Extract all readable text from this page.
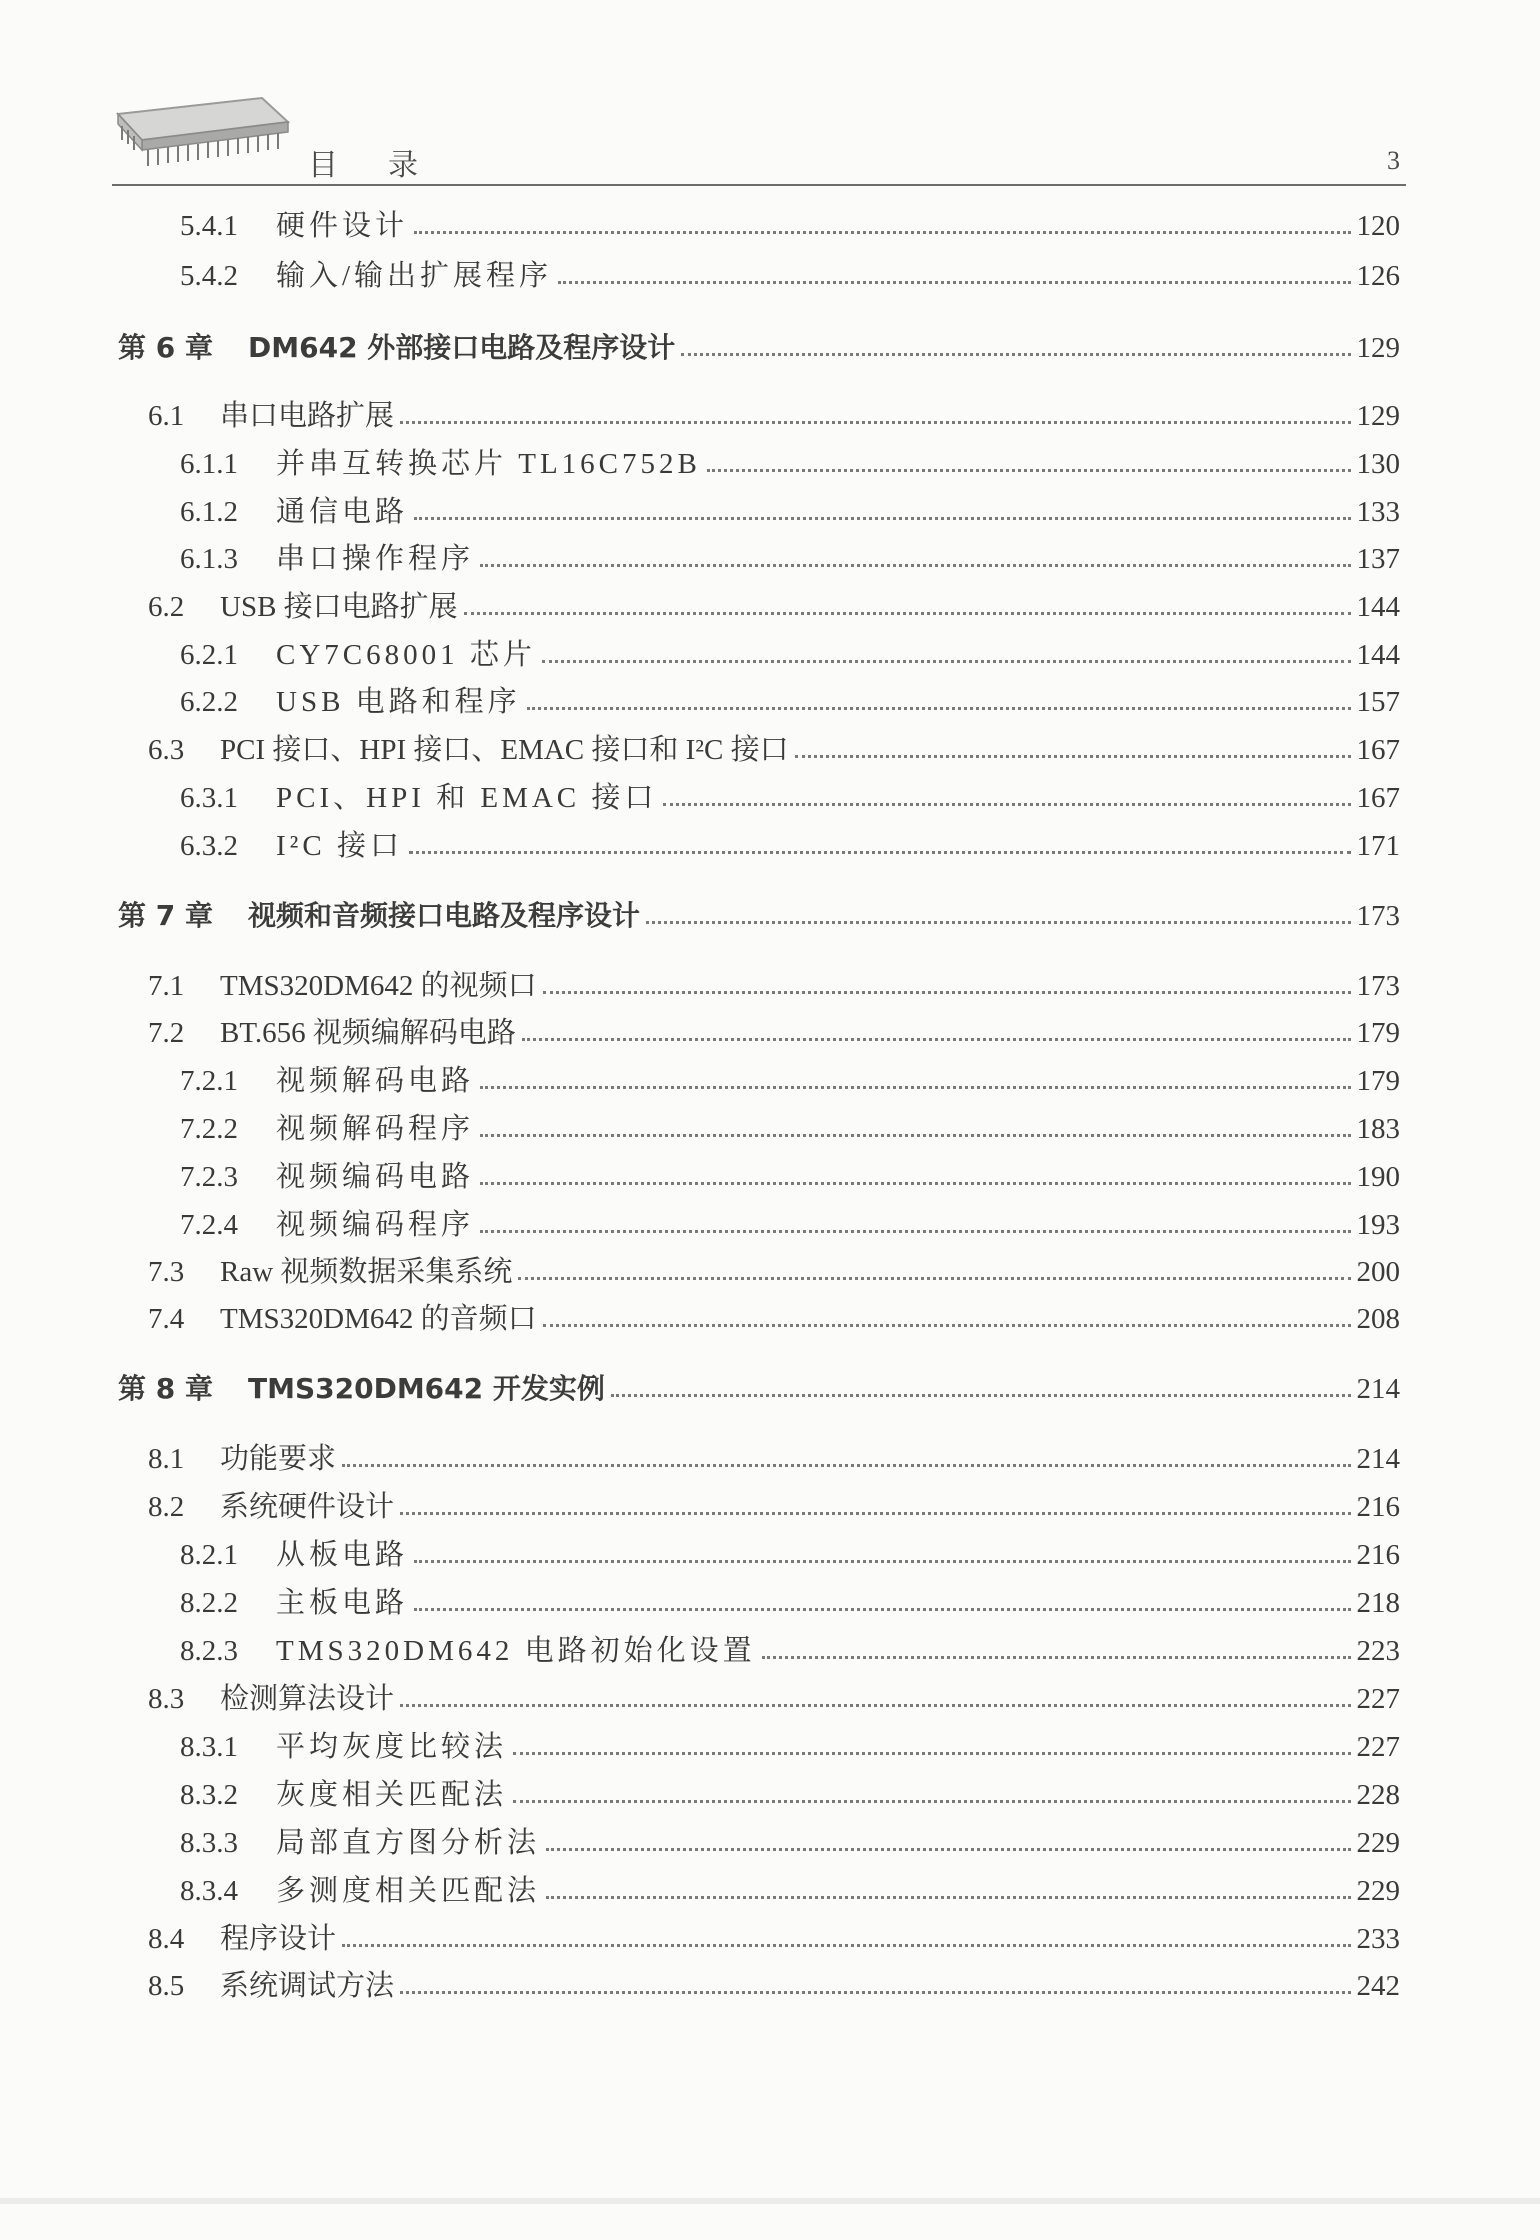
目录	3
5.4.1	硬件设计	120
5.4.2	输入/输出扩展程序	126
第 6 章	DM642 外部接口电路及程序设计	129
6.1	串口电路扩展	129
6.1.1	并串互转换芯片 TL16C752B	130
6.1.2	通信电路	133
6.1.3	串口操作程序	137
6.2	USB 接口电路扩展	144
6.2.1	CY7C68001 芯片	144
6.2.2	USB 电路和程序	157
6.3	PCI 接口、HPI 接口、EMAC 接口和 I²C 接口	167
6.3.1	PCI、HPI 和 EMAC 接口	167
6.3.2	I²C 接口	171
第 7 章	视频和音频接口电路及程序设计	173
7.1	TMS320DM642 的视频口	173
7.2	BT.656 视频编解码电路	179
7.2.1	视频解码电路	179
7.2.2	视频解码程序	183
7.2.3	视频编码电路	190
7.2.4	视频编码程序	193
7.3	Raw 视频数据采集系统	200
7.4	TMS320DM642 的音频口	208
第 8 章	TMS320DM642 开发实例	214
8.1	功能要求	214
8.2	系统硬件设计	216
8.2.1	从板电路	216
8.2.2	主板电路	218
8.2.3	TMS320DM642 电路初始化设置	223
8.3	检测算法设计	227
8.3.1	平均灰度比较法	227
8.3.2	灰度相关匹配法	228
8.3.3	局部直方图分析法	229
8.3.4	多测度相关匹配法	229
8.4	程序设计	233
8.5	系统调试方法	242
